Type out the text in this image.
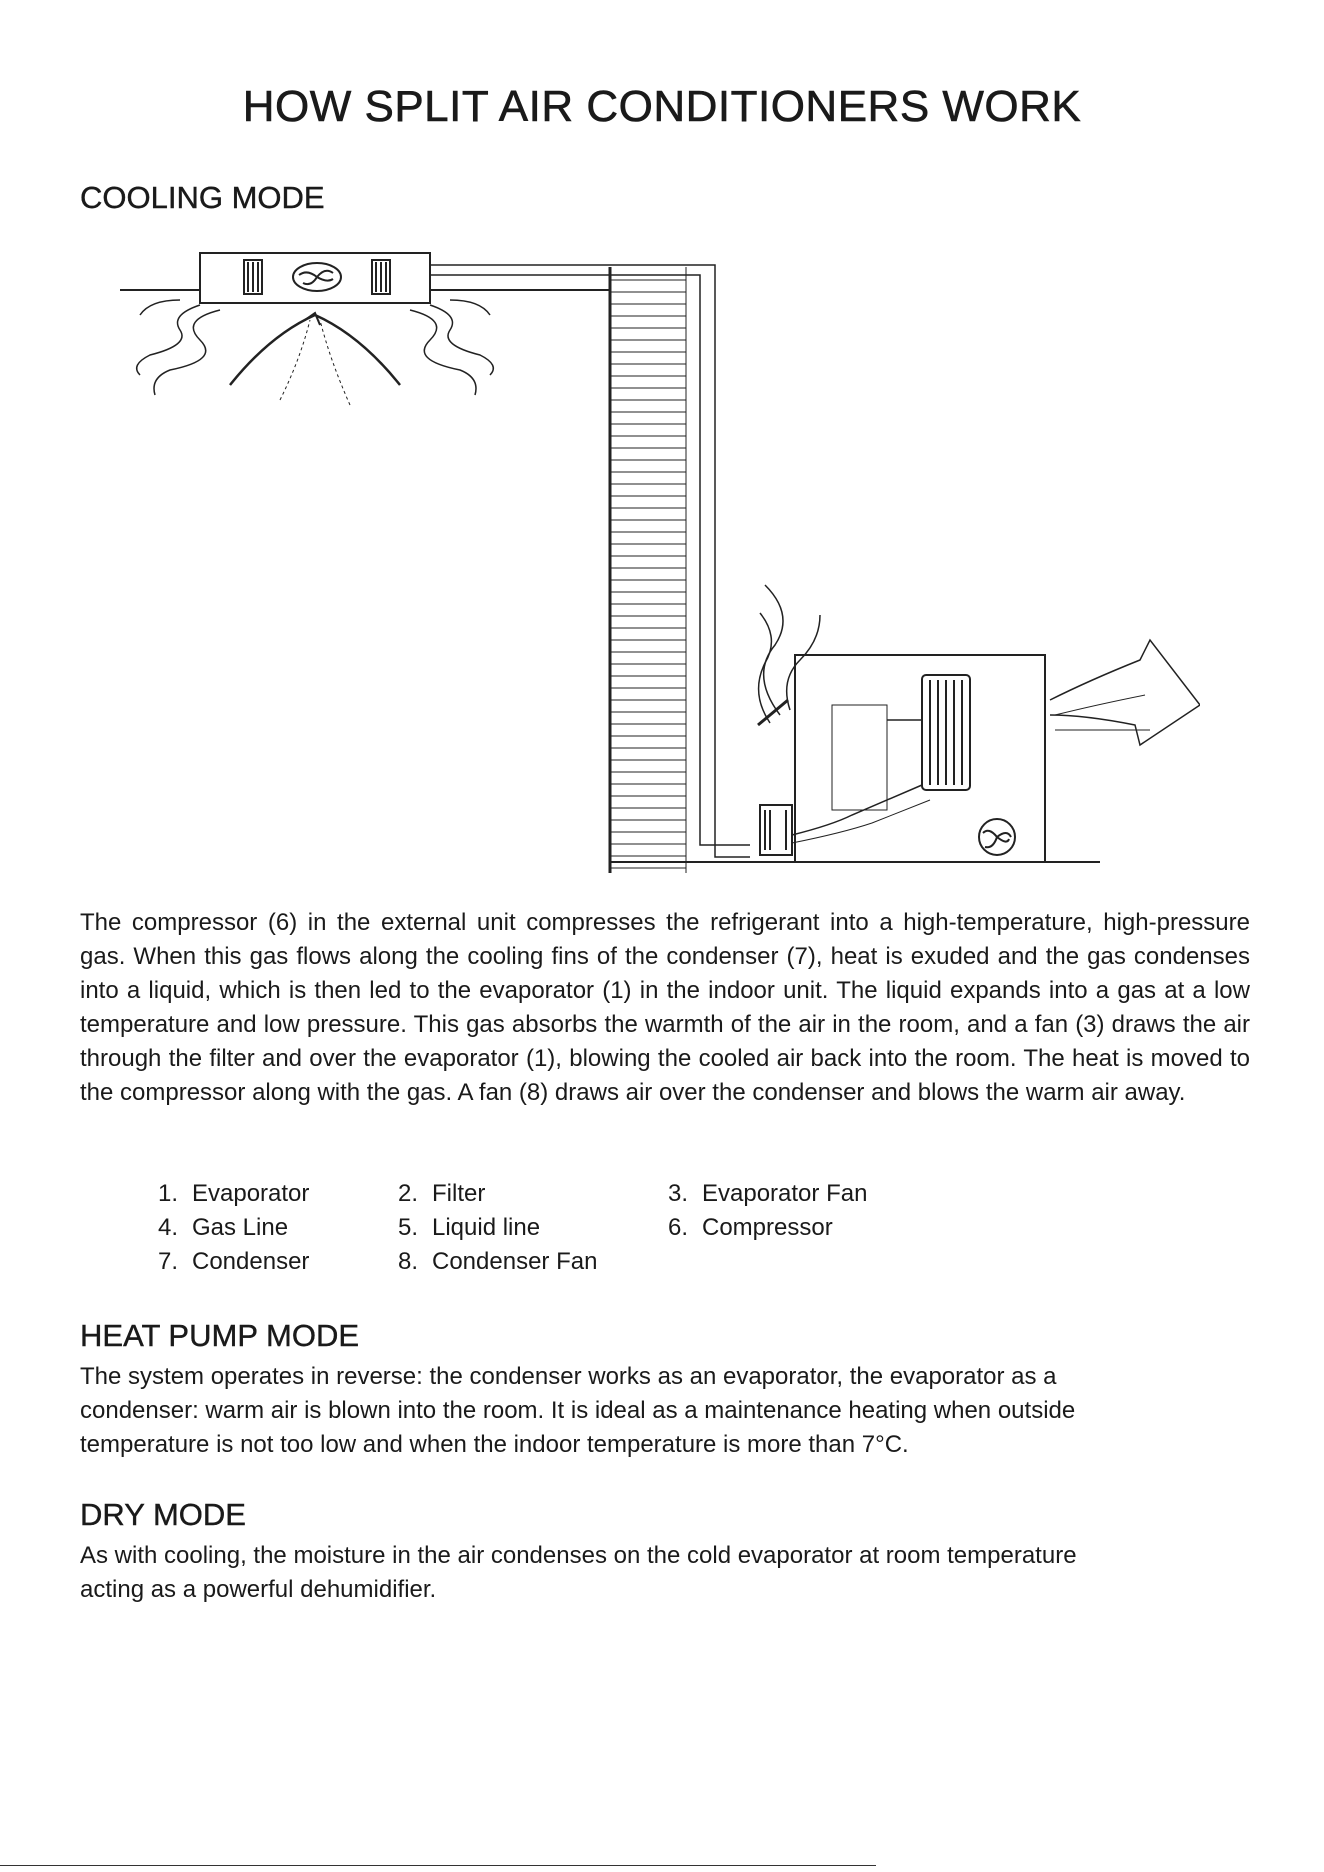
HOW SPLIT AIR CONDITIONERS WORK
COOLING MODE

The compressor (6) in the external unit compresses the refrigerant into a high-temperature, high-pressure gas. When this gas flows along the cooling fins of the condenser (7), heat is exuded and the gas condenses into a liquid, which is then led to the evaporator (1) in the indoor unit. The liquid expands into a gas at a low temperature and low pressure. This gas absorbs the warmth of the air in the room, and a fan (3) draws the air through the filter and over the evaporator (1), blowing the cooled air back into the room. The heat is moved to the compressor along with the gas. A fan (8) draws air over the condenser and blows the warm air away.

1. Evaporator	2. Filter	3. Evaporator Fan
4. Gas Line	5. Liquid line	6. Compressor
7. Condenser	8. Condenser Fan
HEAT PUMP MODE

The system operates in reverse: the condenser works as an evaporator, the evaporator as a condenser: warm air is blown into the room. It is ideal as a maintenance heating when outside temperature is not too low and when the indoor temperature is more than 7°C.

DRY MODE

As with cooling, the moisture in the air condenses on the cold evaporator at room temperature acting as a powerful dehumidifier.
